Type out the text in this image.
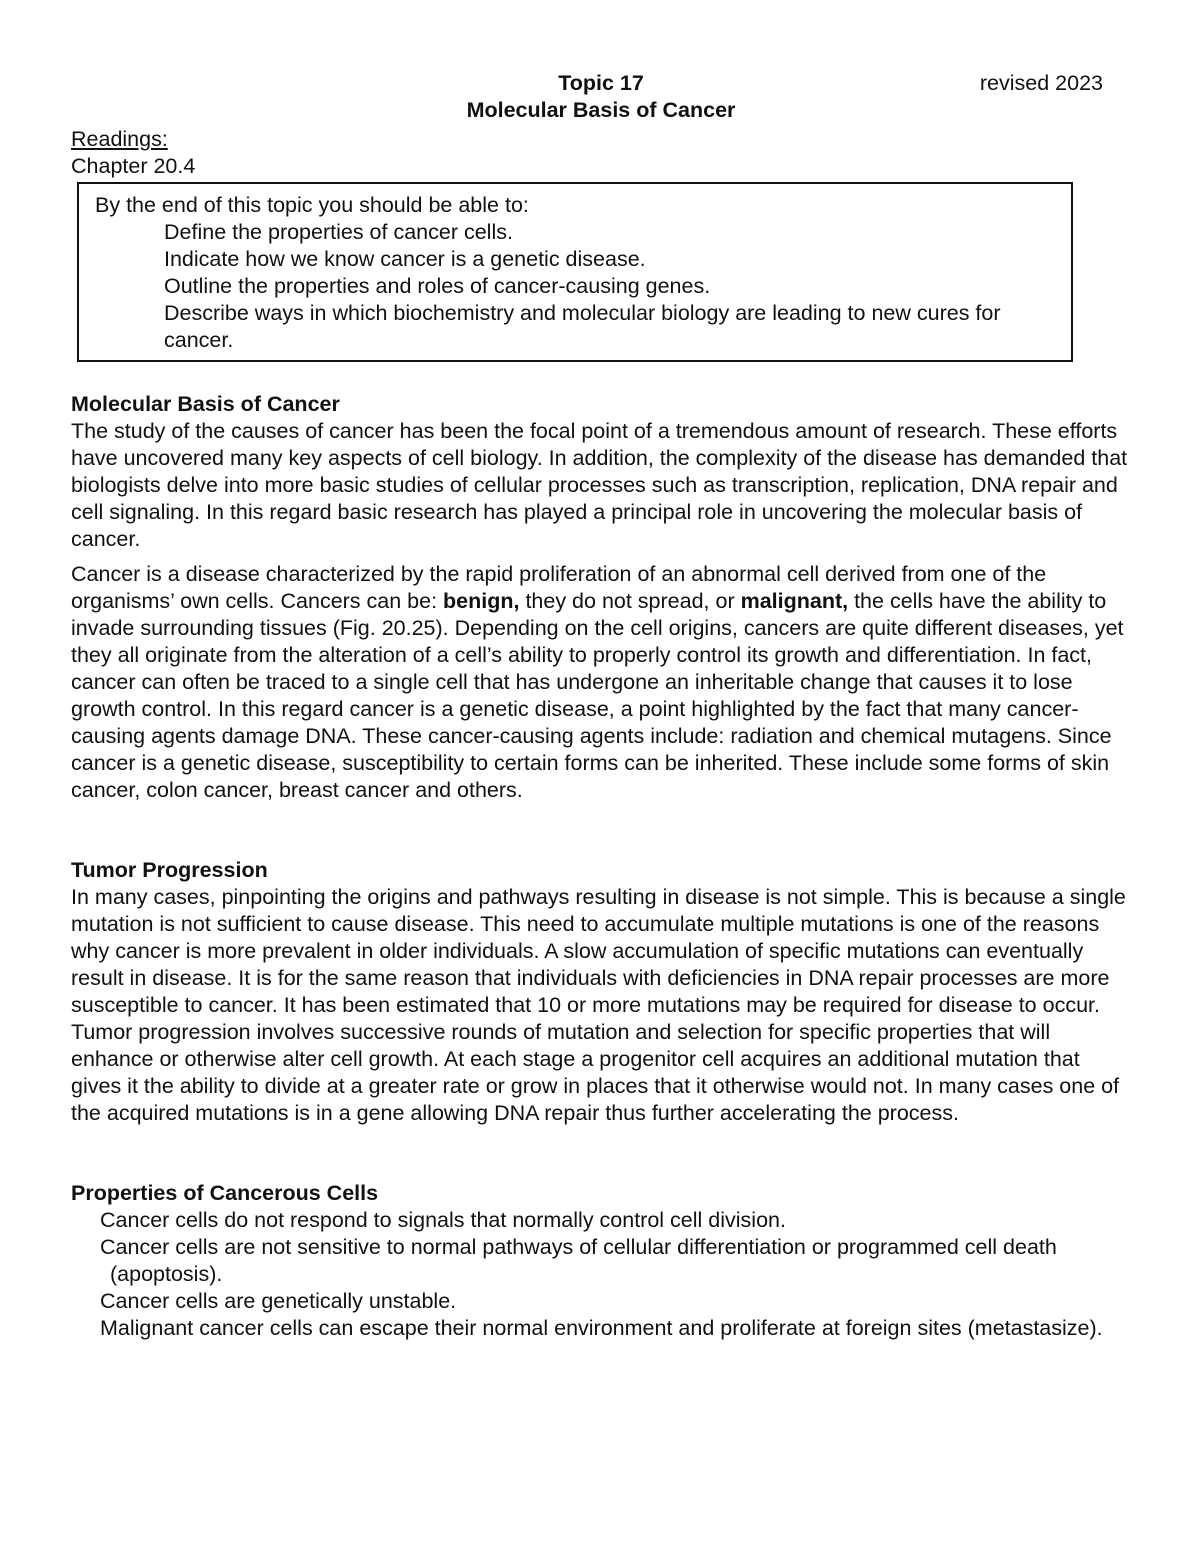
Topic 17
Molecular Basis of Cancer
revised 2023
Readings:
Chapter 20.4
By the end of this topic you should be able to:
Define the properties of cancer cells.
Indicate how we know cancer is a genetic disease.
Outline the properties and roles of cancer-causing genes.
Describe ways in which biochemistry and molecular biology are leading to new cures for cancer.
Molecular Basis of Cancer

The study of the causes of cancer has been the focal point of a tremendous amount of research. These efforts have uncovered many key aspects of cell biology. In addition, the complexity of the disease has demanded that biologists delve into more basic studies of cellular processes such as transcription, replication, DNA repair and cell signaling. In this regard basic research has played a principal role in uncovering the molecular basis of cancer.

Cancer is a disease characterized by the rapid proliferation of an abnormal cell derived from one of the organisms’ own cells. Cancers can be: benign, they do not spread, or malignant, the cells have the ability to invade surrounding tissues (Fig. 20.25). Depending on the cell origins, cancers are quite different diseases, yet they all originate from the alteration of a cell’s ability to properly control its growth and differentiation. In fact, cancer can often be traced to a single cell that has undergone an inheritable change that causes it to lose growth control. In this regard cancer is a genetic disease, a point highlighted by the fact that many cancer-causing agents damage DNA. These cancer-causing agents include: radiation and chemical mutagens. Since cancer is a genetic disease, susceptibility to certain forms can be inherited. These include some forms of skin cancer, colon cancer, breast cancer and others.

Tumor Progression

In many cases, pinpointing the origins and pathways resulting in disease is not simple. This is because a single mutation is not sufficient to cause disease. This need to accumulate multiple mutations is one of the reasons why cancer is more prevalent in older individuals. A slow accumulation of specific mutations can eventually result in disease. It is for the same reason that individuals with deficiencies in DNA repair processes are more susceptible to cancer. It has been estimated that 10 or more mutations may be required for disease to occur.

Tumor progression involves successive rounds of mutation and selection for specific properties that will enhance or otherwise alter cell growth. At each stage a progenitor cell acquires an additional mutation that gives it the ability to divide at a greater rate or grow in places that it otherwise would not. In many cases one of the acquired mutations is in a gene allowing DNA repair thus further accelerating the process.

Properties of Cancerous Cells
Cancer cells do not respond to signals that normally control cell division.
Cancer cells are not sensitive to normal pathways of cellular differentiation or programmed cell death (apoptosis).
Cancer cells are genetically unstable.
Malignant cancer cells can escape their normal environment and proliferate at foreign sites (metastasize).
